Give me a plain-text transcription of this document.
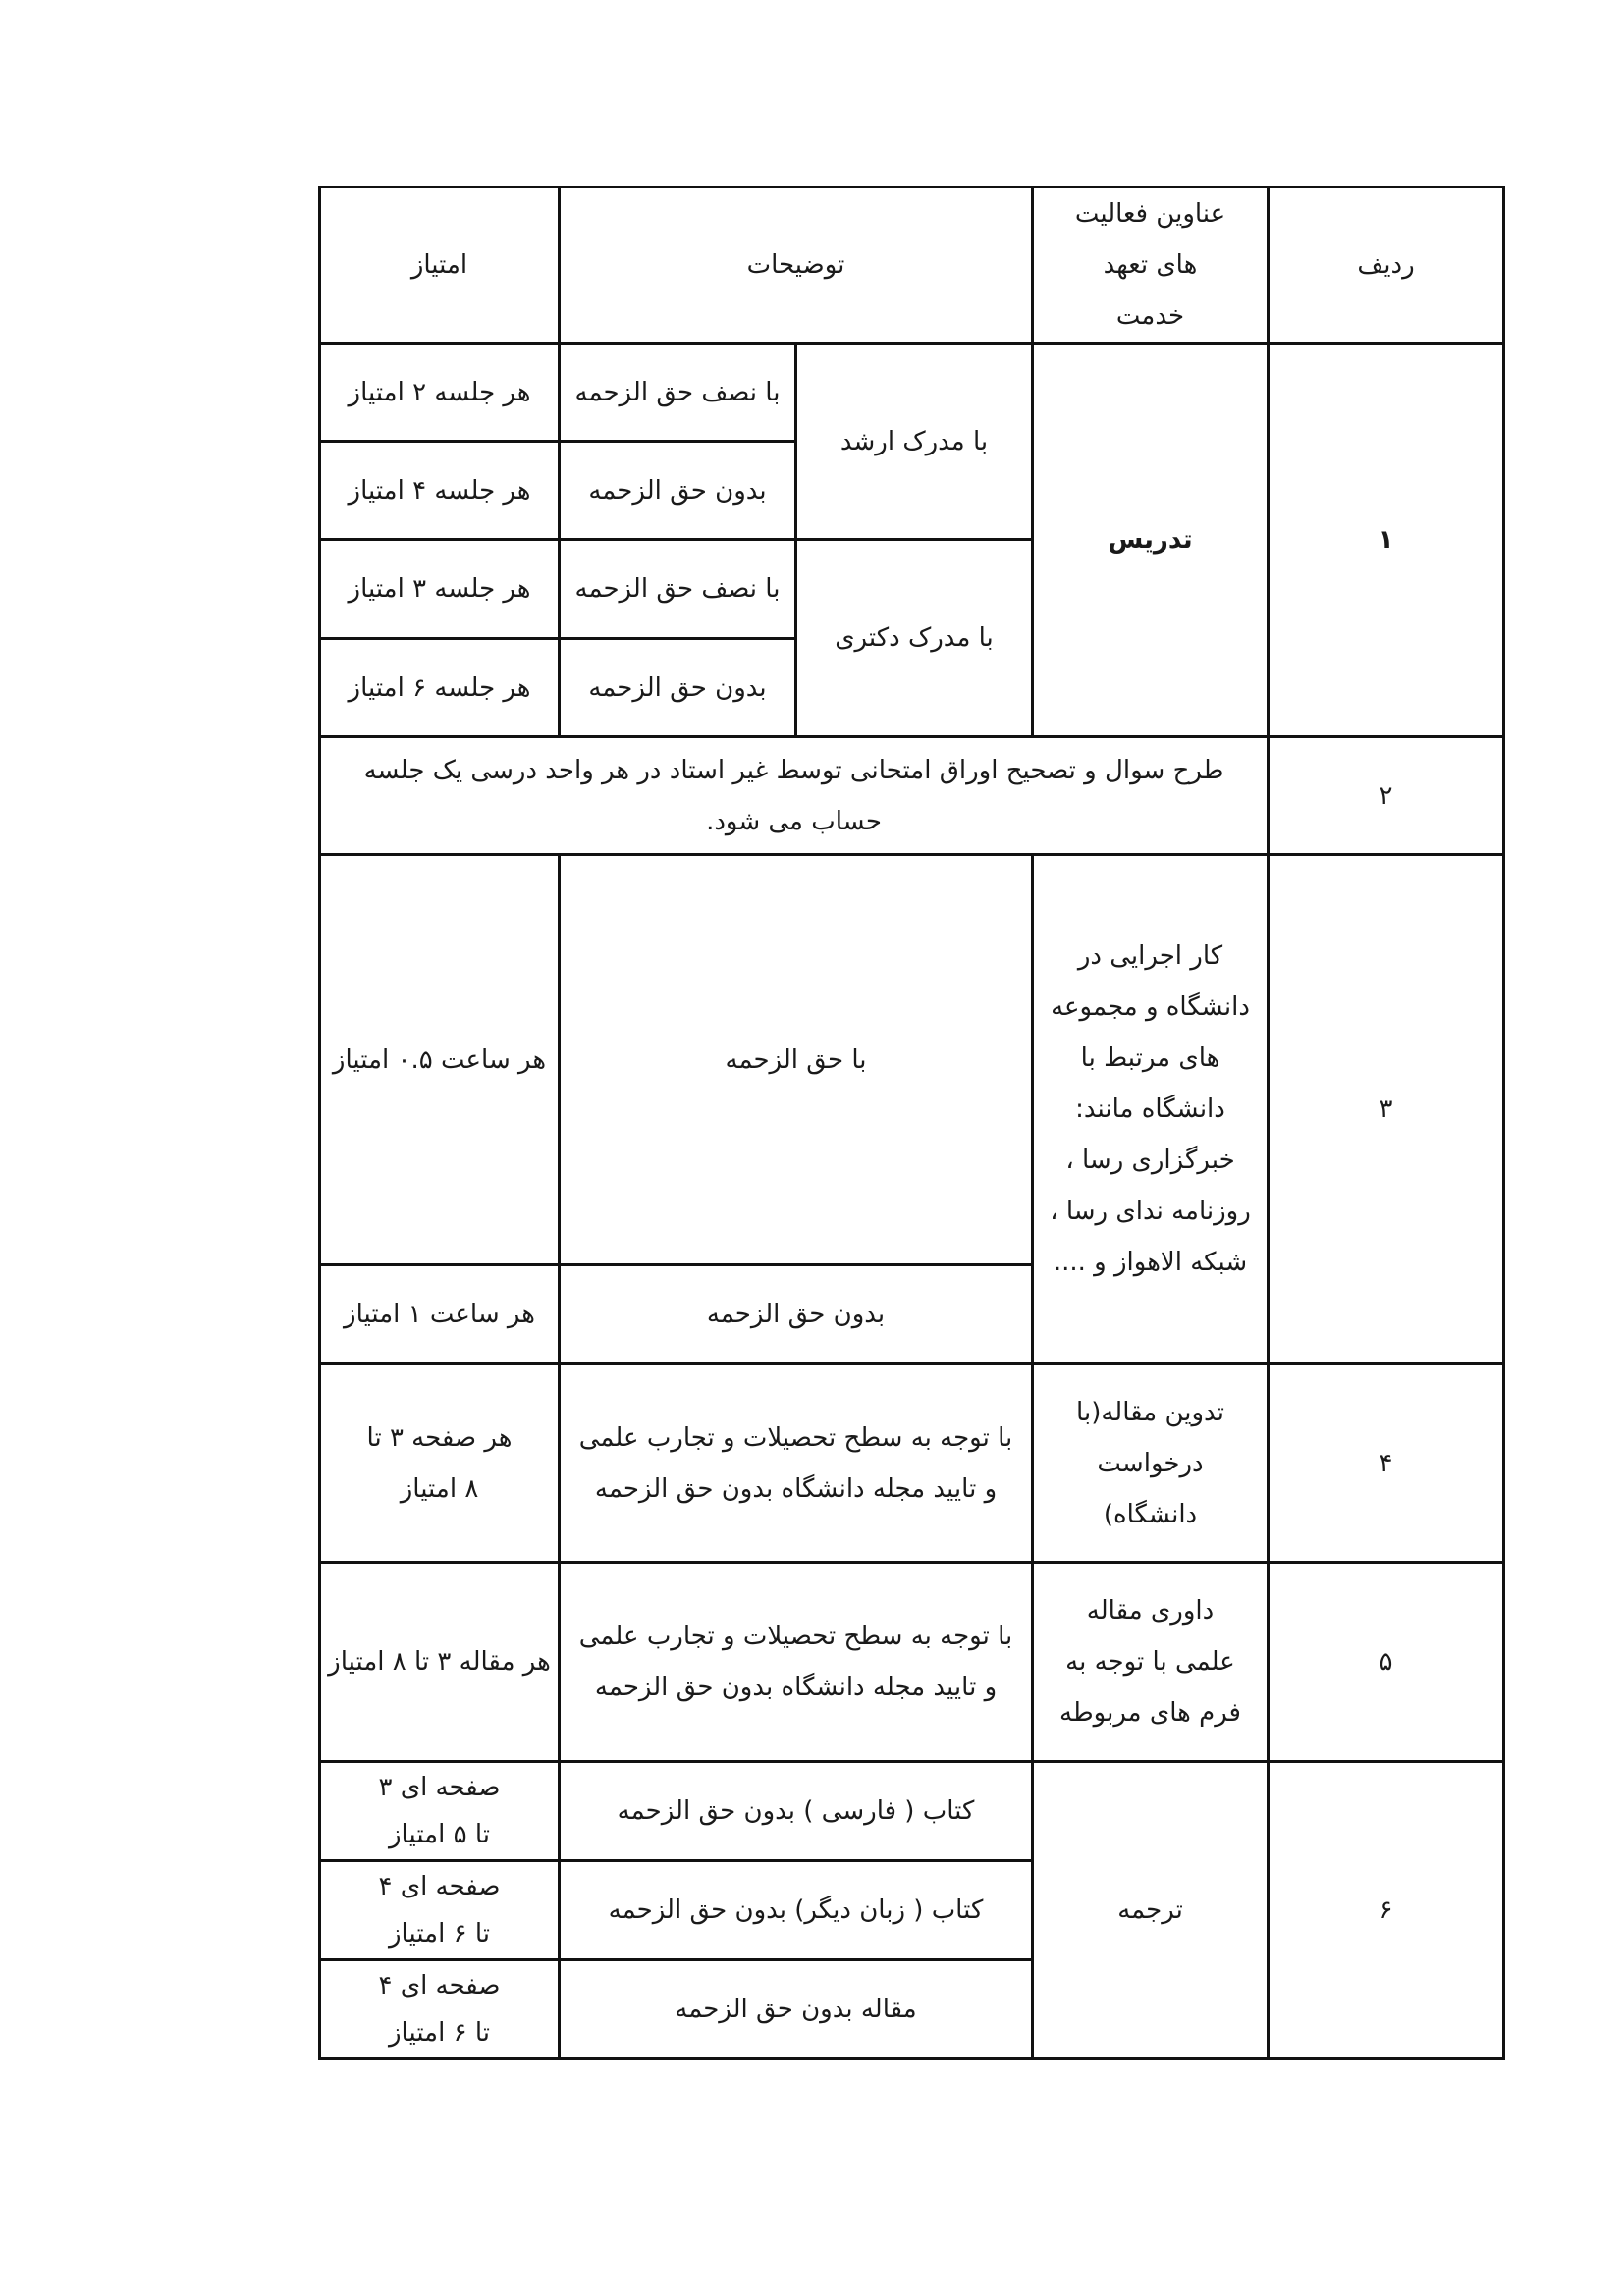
ردیف	عناوین فعالیت های تعهد خدمت	توضیحات		امتیاز
۱	تدریس	با مدرک ارشد	با نصف حق الزحمه	هر جلسه ۲ امتیاز
			بدون حق الزحمه	هر جلسه ۴ امتیاز
		با مدرک دکتری	با نصف حق الزحمه	هر جلسه ۳ امتیاز
			بدون حق الزحمه	هر جلسه ۶ امتیاز
۲	طرح سوال و تصحیح اوراق امتحانی توسط غیر استاد در هر واحد درسی یک جلسه حساب می شود.			
۳	کار اجرایی در دانشگاه و مجموعه های مرتبط با دانشگاه مانند: خبرگزاری رسا ، روزنامه ندای رسا ، شبکه الاهواز و ....	با حق الزحمه		هر ساعت ۰.۵ امتیاز
		بدون حق الزحمه		هر ساعت ۱ امتیاز
۴	تدوین مقاله(با درخواست دانشگاه)	با توجه به سطح تحصیلات و تجارب علمی و تایید مجله دانشگاه بدون حق الزحمه		هر صفحه ۳ تا ۸ امتیاز
۵	داوری مقاله علمی با توجه به فرم های مربوطه	با توجه به سطح تحصیلات و تجارب علمی و تایید مجله دانشگاه بدون حق الزحمه		هر مقاله ۳ تا ۸ امتیاز
۶	ترجمه	کتاب ( فارسی ) بدون حق الزحمه		صفحه ای ۳ تا ۵ امتیاز
		کتاب ( زبان دیگر) بدون حق الزحمه		صفحه ای ۴ تا ۶ امتیاز
		مقاله بدون حق الزحمه		صفحه ای ۴ تا ۶ امتیاز
